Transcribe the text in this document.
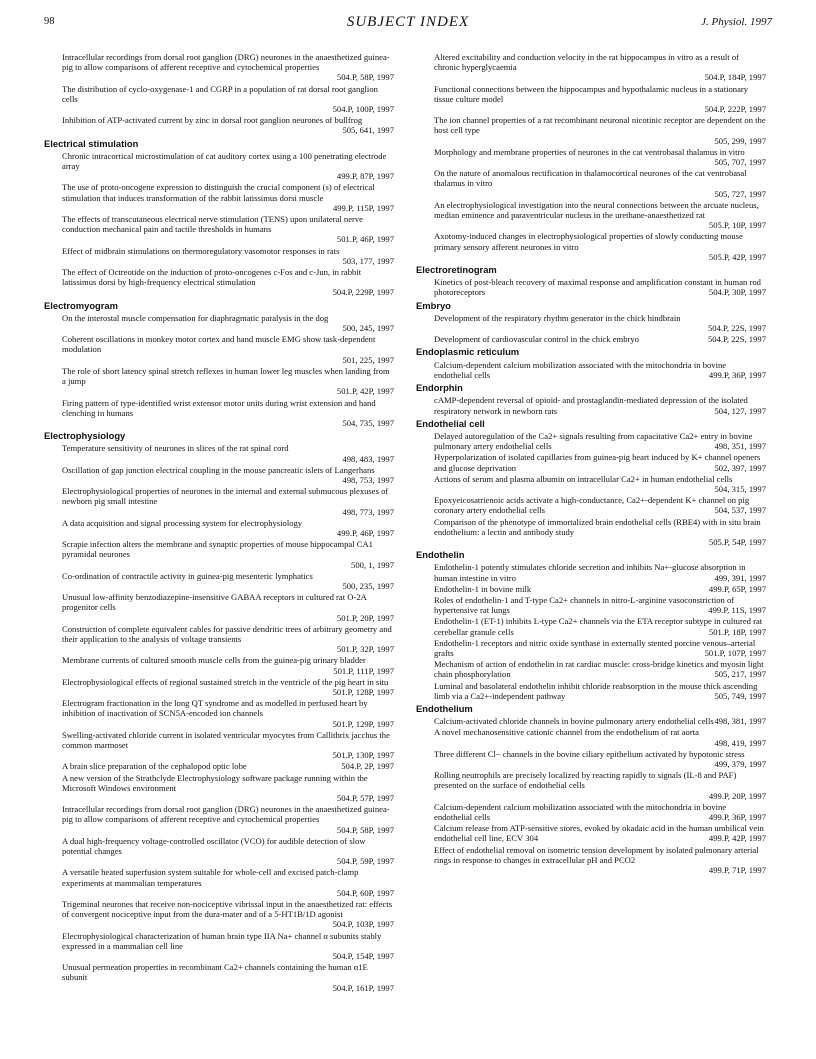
98	SUBJECT INDEX	J. Physiol. 1997
Intracellular recordings from dorsal root ganglion (DRG) neurones in the anaesthetized guinea-pig to allow comparisons of afferent receptive and cytochemical properties
504.P, 58P, 1997
The distribution of cyclo-oxygenase-1 and CGRP in a population of rat dorsal root ganglion cells
504.P, 100P, 1997
Inhibition of ATP-activated current by zinc in dorsal root ganglion neurones of bullfrog
505, 641, 1997
Electrical stimulation
Chronic intracortical microstimulation of cat auditory cortex using a 100 penetrating electrode array
499.P, 87P, 1997
The use of proto-oncogene expression to distinguish the crucial component (s) of electrical stimulation that induces transformation of the rabbit latissimus dorsi muscle
499.P, 115P, 1997
The effects of transcutaneous electrical nerve stimulation (TENS) upon unilateral nerve conduction mechanical pain and tactile thresholds in humans
501.P, 46P, 1997
Effect of midbrain stimulations on thermoregulatory vasomotor responses in rats
503, 177, 1997
The effect of Octreotide on the induction of proto-oncogenes c-Fos and c-Jun, in rabbit latissimus dorsi by high-frequency electrical stimulation
504.P, 229P, 1997
Electromyogram
On the interostal muscle compensation for diaphragmatic paralysis in the dog
500, 245, 1997
Coherent oscillations in monkey motor cortex and hand muscle EMG show task-dependent modulation
501, 225, 1997
The role of short latency spinal stretch reflexes in human lower leg muscles when landing from a jump
501.P, 42P, 1997
Firing pattern of type-identified wrist extensor motor units during wrist extension and hand clenching in humans
504, 735, 1997
Electrophysiology
Temperature sensitivity of neurones in slices of the rat spinal cord
498, 483, 1997
Oscillation of gap junction electrical coupling in the mouse pancreatic islets of Langerhans
498, 753, 1997
Electrophysiological properties of neurones in the internal and external submucous plexuses of newborn pig small intestine
498, 773, 1997
A data acquisition and signal processing system for electrophysiology
499.P, 46P, 1997
Scrapie infection alters the membrane and synaptic properties of mouse hippocampal CA1 pyramidal neurones
500, 1, 1997
Co-ordination of contractile activity in guinea-pig mesenteric lymphatics
500, 235, 1997
Unusual low-affinity benzodiazepine-insensitive GABAA receptors in cultured rat O-2A progenitor cells
501.P, 20P, 1997
Construction of complete equivalent cables for passive dendritic trees of arbitrary geometry and their application to the analysis of voltage transients
501.P, 32P, 1997
Membrane currents of cultured smooth muscle cells from the guinea-pig urinary bladder
501.P, 111P, 1997
Electrophysiological effects of regional sustained stretch in the ventricle of the pig heart in situ
501.P, 128P, 1997
Electrogram fractionation in the long QT syndrome and as modelled in perfused heart by inhibition of inactivation of SCN5A-encoded ion channels
501.P, 129P, 1997
Swelling-activated chloride current in isolated ventricular myocytes from Callithrix jacchus the common marmoset
501.P, 130P, 1997
A brain slice preparation of the cephalopod optic lobe	504.P, 2P, 1997
A new version of the Strathclyde Electrophysiology software package running within the Microsoft Windows environment
504.P, 57P, 1997
Intracellular recordings from dorsal root ganglion (DRG) neurones in the anaesthetized guinea-pig to allow comparisons of afferent receptive and cytochemical properties
504.P, 58P, 1997
A dual high-frequency voltage-controlled oscillator (VCO) for audible detection of slow potential changes
504.P, 59P, 1997
A versatile heated superfusion system suitable for whole-cell and excised patch-clamp experiments at mammalian temperatures
504.P, 60P, 1997
Trigeminal neurones that receive non-nociceptive vibrissal input in the anaesthetized rat: effects of convergent nociceptive input from the dura-mater and of a 5-HT1B/1D agonist
504.P, 103P, 1997
Electrophysiological characterization of human brain type IIA Na+ channel α subunits stably expressed in a mammalian cell line
504.P, 154P, 1997
Unusual permeation properties in recombinant Ca2+ channels containing the human α1E subunit
504.P, 161P, 1997
Altered excitability and conduction velocity in the rat hippocampus in vitro as a result of chronic hyperglycaemia
504.P, 184P, 1997
Functional connections between the hippocampus and hypothalamic nucleus in a stationary tissue culture model
504.P, 222P, 1997
The ion channel properties of a rat recombinant neuronal nicotinic receptor are dependent on the host cell type
505, 299, 1997
Morphology and membrane properties of neurones in the cat ventrobasal thalamus in vitro
505, 707, 1997
On the nature of anomalous rectification in thalamocortical neurones of the cat ventrobasal thalamus in vitro
505, 727, 1997
An electrophysiological investigation into the neural connections between the arcuate nucleus, median eminence and paraventricular nucleus in the urethane-anaesthetized rat
505.P, 10P, 1997
Axotomy-induced changes in electrophysiological properties of slowly conducting mouse primary sensory afferent neurones in vitro
505.P, 42P, 1997
Electroretinogram
Kinetics of post-bleach recovery of maximal response and amplification constant in human rod photoreceptors	504.P, 30P, 1997
Embryo
Development of the respiratory rhythm generator in the chick hindbrain
504.P, 22S, 1997
Development of cardiovascular control in the chick embryo	504.P, 22S, 1997
Endoplasmic reticulum
Calcium-dependent calcium mobilization associated with the mitochondria in bovine endothelial cells	499.P, 36P, 1997
Endorphin
cAMP-dependent reversal of opioid- and prostaglandin-mediated depression of the isolated respiratory network in newborn rats	504, 127, 1997
Endothelial cell
Delayed autoregulation of the Ca2+ signals resulting from capacitative Ca2+ entry in bovine pulmonary artery endothelial cells	498, 351, 1997
Hyperpolarization of isolated capillaries from guinea-pig heart induced by K+ channel openers and glucose deprivation	502, 397, 1997
Actions of serum and plasma albumin on intracellular Ca2+ in human endothelial cells
504, 315, 1997
Epoxyeicosatrienoic acids activate a high-conductance, Ca2+-dependent K+ channel on pig coronary artery endothelial cells	504, 537, 1997
Comparison of the phenotype of immortalized brain endothelial cells (RBE4) with in situ brain endothelium: a lectin and antibody study
505.P, 54P, 1997
Endothelin
Endothelin-1 potently stimulates chloride secretion and inhibits Na+-glucose absorption in human intestine in vitro	499, 391, 1997
Endothelin-1 in bovine milk	499.P, 65P, 1997
Roles of endothelin-1 and T-type Ca2+ channels in nitro-L-arginine vasoconstriction of hypertensive rat lungs	499.P, 11S, 1997
Endothelin-1 (ET-1) inhibits L-type Ca2+ channels via the ETA receptor subtype in cultured rat cerebellar granule cells	501.P, 18P, 1997
Endothelin-1 receptors and nitric oxide synthase in externally stented porcine venous–arterial grafts	501.P, 107P, 1997
Mechanism of action of endothelin in rat cardiac muscle: cross-bridge kinetics and myosin light chain phosphorylation	505, 217, 1997
Luminal and basolateral endothelin inhibit chloride reabsorption in the mouse thick ascending limb via a Ca2+-independent pathway	505, 749, 1997
Endothelium
Calcium-activated chloride channels in bovine pulmonary artery endothelial cells 498, 381, 1997
A novel mechanosensitive cationic channel from the endothelium of rat aorta
498, 419, 1997
Three different Cl− channels in the bovine ciliary epithelium activated by hypotonic stress
499, 379, 1997
Rolling neutrophils are precisely localized by reacting rapidly to signals (IL-8 and PAF) presented on the surface of endothelial cells
499.P, 20P, 1997
Calcium-dependent calcium mobilization associated with the mitochondria in bovine endothelial cells	499.P, 36P, 1997
Calcium release from ATP-sensitive stores, evoked by okadaic acid in the human umbilical vein endothelial cell line, ECV 304	499.P, 42P, 1997
Effect of endothelial removal on isometric tension development by isolated pulmonary arterial rings in response to changes in extracellular pH and PCO2
499.P, 71P, 1997
